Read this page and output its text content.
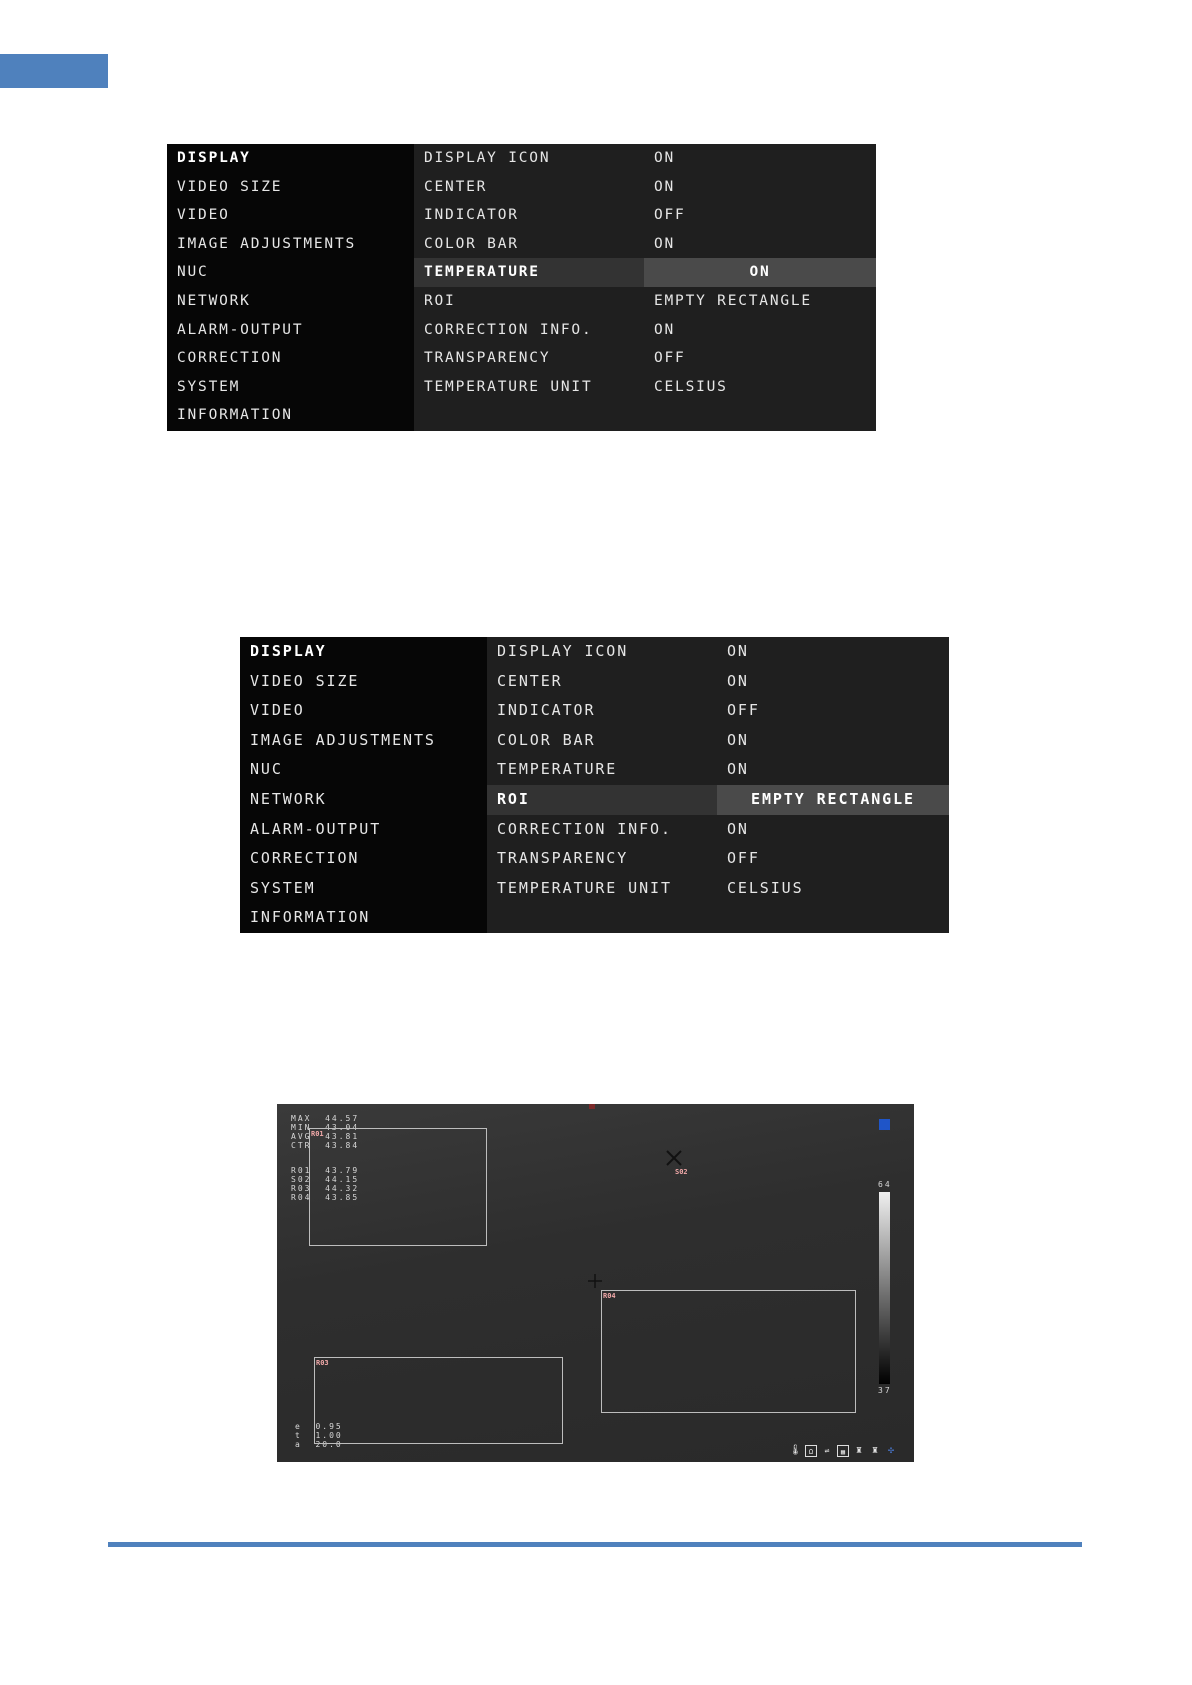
DISPLAY
VIDEO SIZE
VIDEO
IMAGE ADJUSTMENTS
NUC
NETWORK
ALARM-OUTPUT
CORRECTION
SYSTEM
INFORMATION
DISPLAY ICON	ON
CENTER	ON
INDICATOR	OFF
COLOR BAR	ON
TEMPERATURE	ON
ROI	EMPTY RECTANGLE
CORRECTION INFO.	ON
TRANSPARENCY	OFF
TEMPERATURE UNIT	CELSIUS
DISPLAY
VIDEO SIZE
VIDEO
IMAGE ADJUSTMENTS
NUC
NETWORK
ALARM-OUTPUT
CORRECTION
SYSTEM
INFORMATION
DISPLAY ICON	ON
CENTER	ON
INDICATOR	OFF
COLOR BAR	ON
TEMPERATURE	ON
ROI	EMPTY RECTANGLE
CORRECTION INFO.	ON
TRANSPARENCY	OFF
TEMPERATURE UNIT	CELSIUS
MAX 44.57
MIN 43.04
AVG 43.81
CTR 43.84
R01 43.79
S02 44.15
R03 44.32
R04 43.85
e 0.95
t 1.00
a 20.0
R01
R04
R03
S02
64
37
🌡	Ω	⇌	▦	♜ ♜ ✣
